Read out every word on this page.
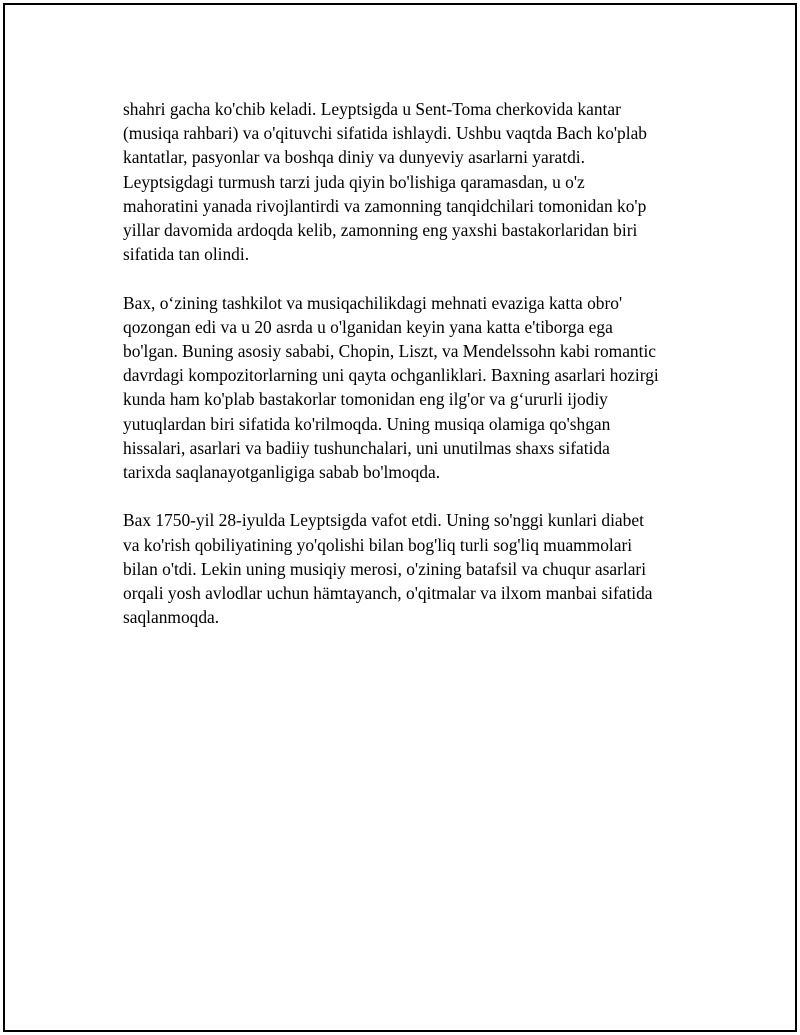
shahri gacha ko'chib keladi. Leyptsigda u Sent-Toma cherkovida kantar
(musiqa rahbari) va o'qituvchi sifatida ishlaydi. Ushbu vaqtda Bach ko'plab
kantatlar, pasyonlar va boshqa diniy va dunyeviy asarlarni yaratdi.
Leyptsigdagi turmush tarzi juda qiyin bo'lishiga qaramasdan, u o'z
mahoratini yanada rivojlantirdi va zamonning tanqidchilari tomonidan ko'p
yillar davomida ardoqda kelib, zamonning eng yaxshi bastakorlaridan biri
sifatida tan olindi.

Bax, o‘zining tashkilot va musiqachilikdagi mehnati evaziga katta obro'
qozongan edi va u 20 asrda u o'lganidan keyin yana katta e'tiborga ega
bo'lgan. Buning asosiy sababi, Chopin, Liszt, va Mendelssohn kabi romantic
davrdagi kompozitorlarning uni qayta ochganliklari. Baxning asarlari hozirgi
kunda ham ko'plab bastakorlar tomonidan eng ilg'or va g‘ururli ijodiy
yutuqlardan biri sifatida ko'rilmoqda. Uning musiqa olamiga qo'shgan
hissalari, asarlari va badiiy tushunchalari, uni unutilmas shaxs sifatida
tarixda saqlanayotganligiga sabab bo'lmoqda.

Bax 1750-yil 28-iyulda Leyptsigda vafot etdi. Uning so'nggi kunlari diabet
va ko'rish qobiliyatining yo'qolishi bilan bog'liq turli sog'liq muammolari
bilan o'tdi. Lekin uning musiqiy merosi, o'zining batafsil va chuqur asarlari
orqali yosh avlodlar uchun hämtayanch, o'qitmalar va ilxom manbai sifatida
saqlanmoqda.
